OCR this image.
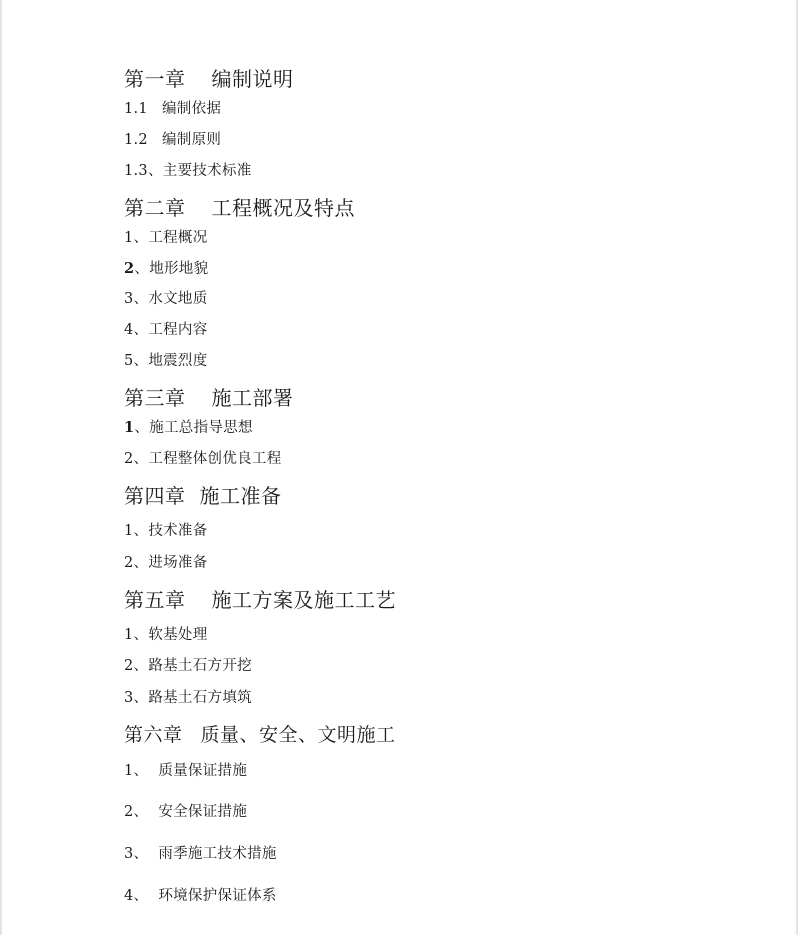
第一章 编制说明
1.1 编制依据
1.2 编制原则
1.3、主要技术标准
第二章 工程概况及特点
1、工程概况
2、地形地貌
3、水文地质
4、工程内容
5、地震烈度
第三章 施工部署
1、施工总指导思想
2、工程整体创优良工程
第四章 施工准备
1、技术准备
2、进场准备
第五章 施工方案及施工工艺
1、软基处理
2、路基土石方开挖
3、路基土石方填筑
第六章 质量、安全、文明施工
1、 质量保证措施
2、 安全保证措施
3、 雨季施工技术措施
4、 环境保护保证体系
